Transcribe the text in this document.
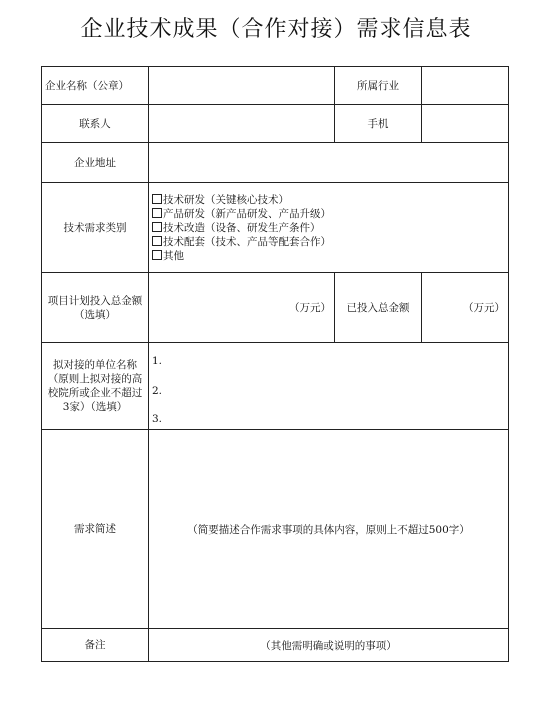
企业技术成果（合作对接）需求信息表
企业名称（公章）		所属行业	
联系人		手机	
企业地址			
技术需求类别	技术研发（关键核心技术）
产品研发（新产品研发、产品升级）
技术改造（设备、研发生产条件）
技术配套（技术、产品等配套合作）
其他		

项目计划投入总金额（选填）	（万元）	已投入总金额	（万元）
拟对接的单位名称（原则上拟对接的高校院所或企业不超过3家）（选填）	1.
2.
3.		

需求简述	（简要描述合作需求事项的具体内容，原则上不超过500字）		
备注	（其他需明确或说明的事项）		
